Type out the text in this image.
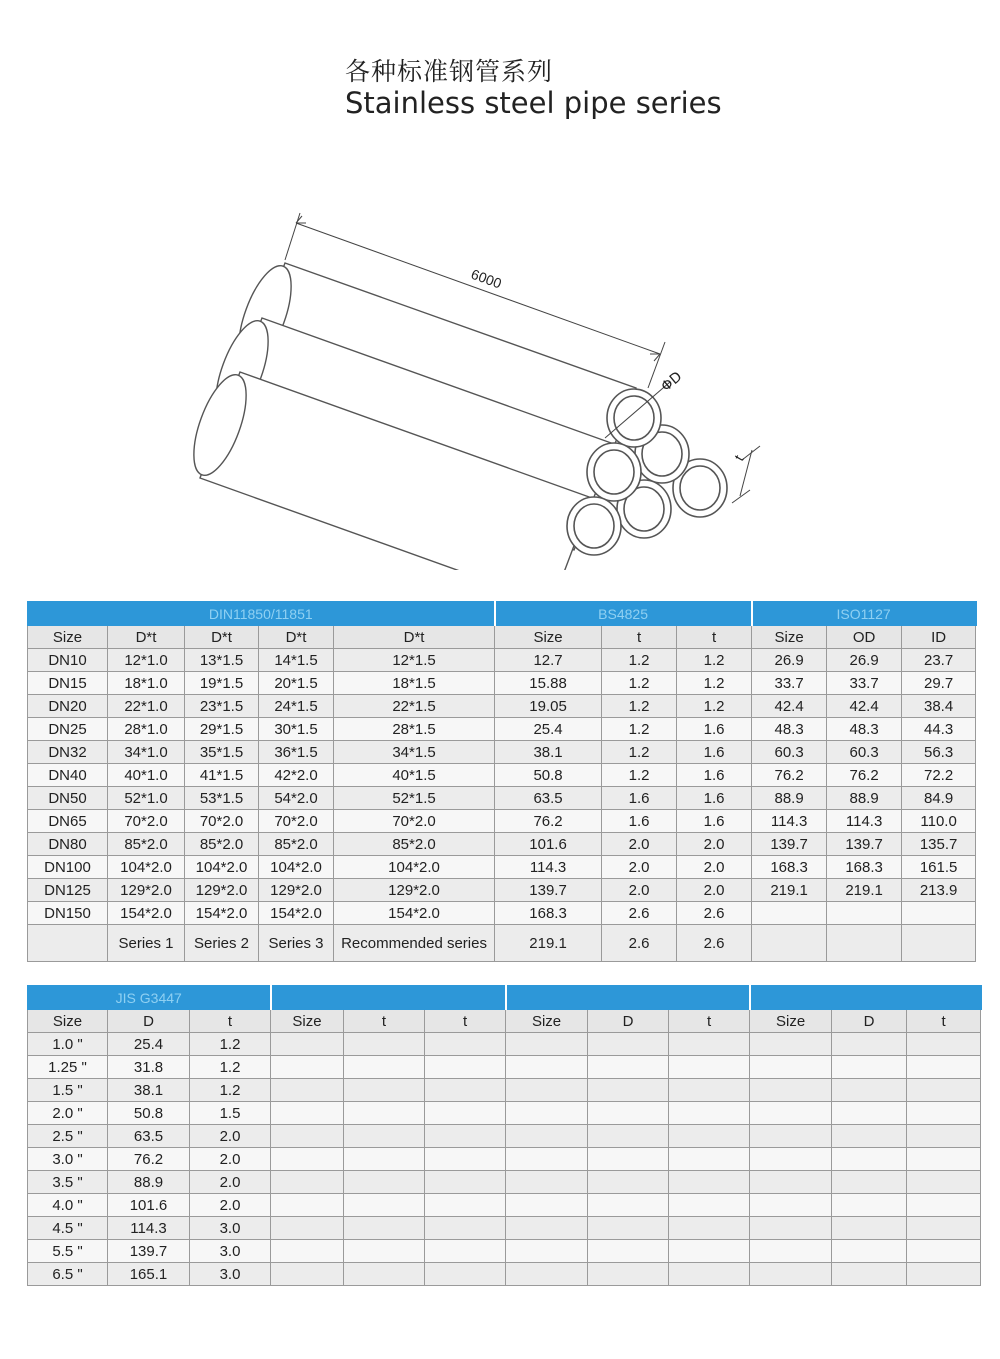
各种标准钢管系列
Stainless steel pipe series
6000
ΦD
t
DIN11850/11851					BS4825			ISO1127		
Size	D*t	D*t	D*t	D*t	Size	t	t	Size	OD	ID
DN10	12*1.0	13*1.5	14*1.5	12*1.5	12.7	1.2	1.2	26.9	26.9	23.7
DN15	18*1.0	19*1.5	20*1.5	18*1.5	15.88	1.2	1.2	33.7	33.7	29.7
DN20	22*1.0	23*1.5	24*1.5	22*1.5	19.05	1.2	1.2	42.4	42.4	38.4
DN25	28*1.0	29*1.5	30*1.5	28*1.5	25.4	1.2	1.6	48.3	48.3	44.3
DN32	34*1.0	35*1.5	36*1.5	34*1.5	38.1	1.2	1.6	60.3	60.3	56.3
DN40	40*1.0	41*1.5	42*2.0	40*1.5	50.8	1.2	1.6	76.2	76.2	72.2
DN50	52*1.0	53*1.5	54*2.0	52*1.5	63.5	1.6	1.6	88.9	88.9	84.9
DN65	70*2.0	70*2.0	70*2.0	70*2.0	76.2	1.6	1.6	114.3	114.3	110.0
DN80	85*2.0	85*2.0	85*2.0	85*2.0	101.6	2.0	2.0	139.7	139.7	135.7
DN100	104*2.0	104*2.0	104*2.0	104*2.0	114.3	2.0	2.0	168.3	168.3	161.5
DN125	129*2.0	129*2.0	129*2.0	129*2.0	139.7	2.0	2.0	219.1	219.1	213.9
DN150	154*2.0	154*2.0	154*2.0	154*2.0	168.3	2.6	2.6			
	Series 1	Series 2	Series 3	Recommended series	219.1	2.6	2.6			
JIS G3447											
Size	D	t	Size	t	t	Size	D	t	Size	D	t
1.0 "	25.4	1.2									
1.25 "	31.8	1.2									
1.5 "	38.1	1.2									
2.0 "	50.8	1.5									
2.5 "	63.5	2.0									
3.0 "	76.2	2.0									
3.5 "	88.9	2.0									
4.0 "	101.6	2.0									
4.5 "	114.3	3.0									
5.5 "	139.7	3.0									
6.5 "	165.1	3.0									
